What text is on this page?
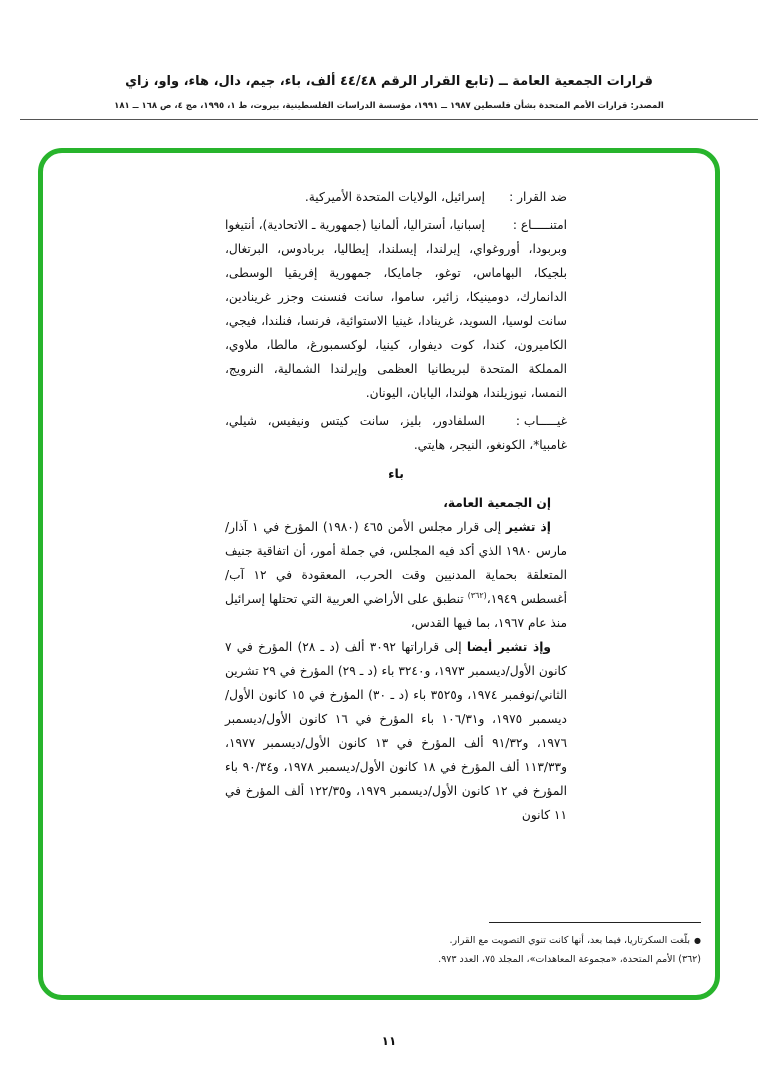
قرارات الجمعية العامة ــ (تابع القرار الرقم ٤٤/٤٨ ألف، باء، جيم، دال، هاء، واو، زاي
المصدر: قرارات الأمم المتحدة بشأن فلسطين ١٩٨٧ ــ ١٩٩١، مؤسسة الدراسات الفلسطينية، بيروت، ط ١، ١٩٩٥، مج ٤، ص ١٦٨ ــ ١٨١

ضد القرار :إسرائيل، الولايات المتحدة الأميركية.

امتنـــــاع :إسبانيا، أستراليا، ألمانيا (جمهورية ـ الاتحادية)، أنتيغوا وبربودا، أوروغواي، إيرلندا، إيسلندا، إيطاليا، بربادوس، البرتغال، بلجيكا، البهاماس، توغو، جامايكا، جمهورية إفريقيا الوسطى، الدانمارك، دومينيكا، زائير، ساموا، سانت فنسنت وجزر غرينادين، سانت لوسيا، السويد، غرينادا، غينيا الاستوائية، فرنسا، فنلندا، فيجي، الكاميرون، كندا، كوت ديفوار، كينيا، لوكسمبورغ، مالطا، ملاوي، المملكة المتحدة لبريطانيا العظمى وإيرلندا الشمالية، النرويج، النمسا، نيوزيلندا، هولندا، اليابان، اليونان.

غيـــــاب :السلفادور، بليز، سانت كيتس ونيفيس، شيلي، غامبيا*، الكونغو، النيجر، هايتي.

باء

إن الجمعية العامة،

إذ تشير إلى قرار مجلس الأمن ٤٦٥ (١٩٨٠) المؤرخ في ١ آذار/مارس ١٩٨٠ الذي أكد فيه المجلس، في جملة أمور، أن اتفاقية جنيف المتعلقة بحماية المدنيين وقت الحرب، المعقودة في ١٢ آب/أغسطس ١٩٤٩،$^{(٣٦٢)}$ تنطبق على الأراضي العربية التي تحتلها إسرائيل منذ عام ١٩٦٧، بما فيها القدس،

وإذ تشير أيضا إلى قراراتها ٣٠٩٢ ألف (د ـ ٢٨) المؤرخ في ٧ كانون الأول/ديسمبر ١٩٧٣، و٣٢٤٠ باء (د ـ ٢٩) المؤرخ في ٢٩ تشرين الثاني/نوفمبر ١٩٧٤، و٣٥٢٥ باء (د ـ ٣٠) المؤرخ في ١٥ كانون الأول/ديسمبر ١٩٧٥، و١٠٦/٣١ باء المؤرخ في ١٦ كانون الأول/ديسمبر ١٩٧٦، و٩١/٣٢ ألف المؤرخ في ١٣ كانون الأول/ديسمبر ١٩٧٧، و١١٣/٣٣ ألف المؤرخ في ١٨ كانون الأول/ديسمبر ١٩٧٨، و٩٠/٣٤ باء المؤرخ في ١٢ كانون الأول/ديسمبر ١٩٧٩، و١٢٢/٣٥ ألف المؤرخ في ١١ كانون

●بلّغت السكرتاريا، فيما بعد، أنها كانت تنوي التصويت مع القرار.

(٣٦٢) الأمم المتحدة، «مجموعة المعاهدات»، المجلد ٧٥، العدد ٩٧٣.

١١
